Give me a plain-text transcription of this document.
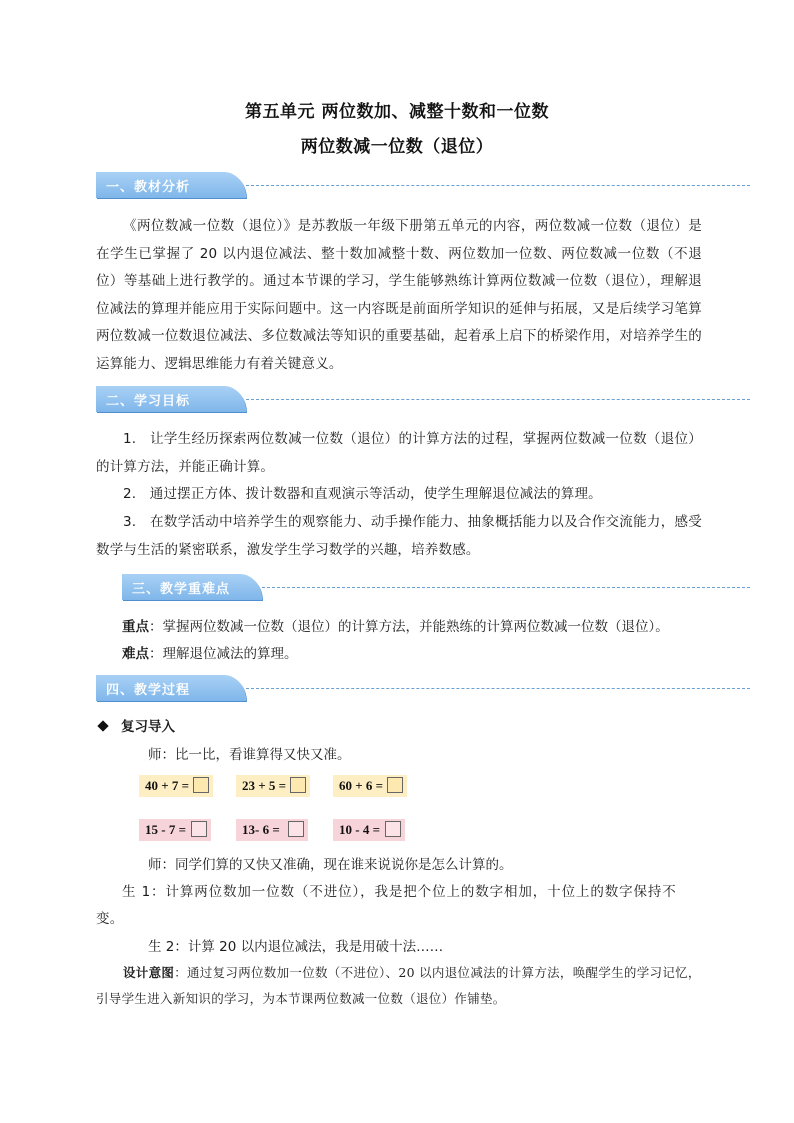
第五单元 两位数加、减整十数和一位数
两位数减一位数（退位）
一、教材分析
《两位数减一位数（退位）》是苏教版一年级下册第五单元的内容，两位数减一位数（退位）是在学生已掌握了 20 以内退位减法、整十数加减整十数、两位数加一位数、两位数减一位数（不退位）等基础上进行教学的。通过本节课的学习，学生能够熟练计算两位数减一位数（退位），理解退位减法的算理并能应用于实际问题中。这一内容既是前面所学知识的延伸与拓展，又是后续学习笔算两位数减一位数退位减法、多位数减法等知识的重要基础，起着承上启下的桥梁作用，对培养学生的运算能力、逻辑思维能力有着关键意义。
二、学习目标
1. 让学生经历探索两位数减一位数（退位）的计算方法的过程，掌握两位数减一位数（退位）的计算方法，并能正确计算。
2. 通过摆正方体、拨计数器和直观演示等活动，使学生理解退位减法的算理。
3. 在数学活动中培养学生的观察能力、动手操作能力、抽象概括能力以及合作交流能力，感受数学与生活的紧密联系，激发学生学习数学的兴趣，培养数感。
三、教学重难点
重点：掌握两位数减一位数（退位）的计算方法，并能熟练的计算两位数减一位数（退位）。
难点：理解退位减法的算理。
四、教学过程
复习导入
师：比一比，看谁算得又快又准。
40 + 7 =	23 + 5 =	60 + 6 =
15 - 7 =	13- 6 =	10 - 4 =
师：同学们算的又快又准确，现在谁来说说你是怎么计算的。
生 1：计算两位数加一位数（不进位），我是把个位上的数字相加，十位上的数字保持不变。
生 2：计算 20 以内退位减法，我是用破十法……
设计意图：通过复习两位数加一位数（不进位）、20 以内退位减法的计算方法，唤醒学生的学习记忆，引导学生进入新知识的学习，为本节课两位数减一位数（退位）作铺垫。
